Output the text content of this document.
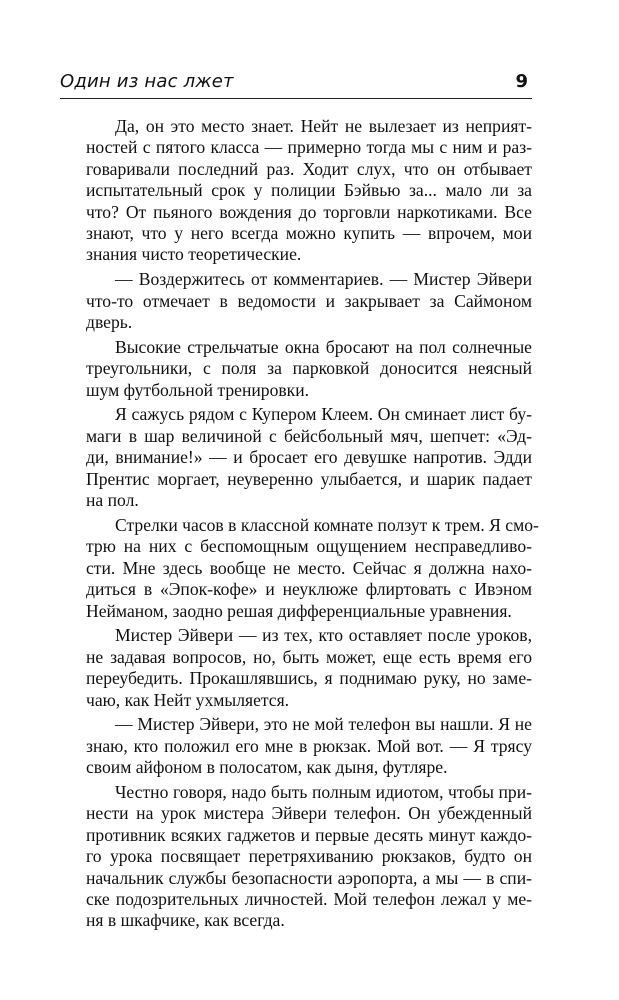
Один из нас лжет	9
Да, он это место знает. Нейт не вылезает из неприят-
ностей с пятого класса — примерно тогда мы с ним и раз-
говаривали последний раз. Ходит слух, что он отбывает
испытательный срок у полиции Бэйвью за... мало ли за
что? От пьяного вождения до торговли наркотиками. Все
знают, что у него всегда можно купить — впрочем, мои
знания чисто теоретические.
— Воздержитесь от комментариев. — Мистер Эйвери
что-то отмечает в ведомости и закрывает за Саймоном
дверь.
Высокие стрельчатые окна бросают на пол солнечные
треугольники, с поля за парковкой доносится неясный
шум футбольной тренировки.
Я сажусь рядом с Купером Клеем. Он сминает лист бу-
маги в шар величиной с бейсбольный мяч, шепчет: «Эд-
ди, внимание!» — и бросает его девушке напротив. Эдди
Прентис моргает, неуверенно улыбается, и шарик падает
на пол.
Стрелки часов в классной комнате ползут к трем. Я смо-
трю на них с беспомощным ощущением несправедливо-
сти. Мне здесь вообще не место. Сейчас я должна нахо-
диться в «Эпок-кофе» и неуклюже флиртовать с Ивэном
Нейманом, заодно решая дифференциальные уравнения.
Мистер Эйвери — из тех, кто оставляет после уроков,
не задавая вопросов, но, быть может, еще есть время его
переубедить. Прокашлявшись, я поднимаю руку, но заме-
чаю, как Нейт ухмыляется.
— Мистер Эйвери, это не мой телефон вы нашли. Я не
знаю, кто положил его мне в рюкзак. Мой вот. — Я трясу
своим айфоном в полосатом, как дыня, футляре.
Честно говоря, надо быть полным идиотом, чтобы при-
нести на урок мистера Эйвери телефон. Он убежденный
противник всяких гаджетов и первые десять минут каждо-
го урока посвящает перетряхиванию рюкзаков, будто он
начальник службы безопасности аэропорта, а мы — в спи-
ске подозрительных личностей. Мой телефон лежал у ме-
ня в шкафчике, как всегда.
